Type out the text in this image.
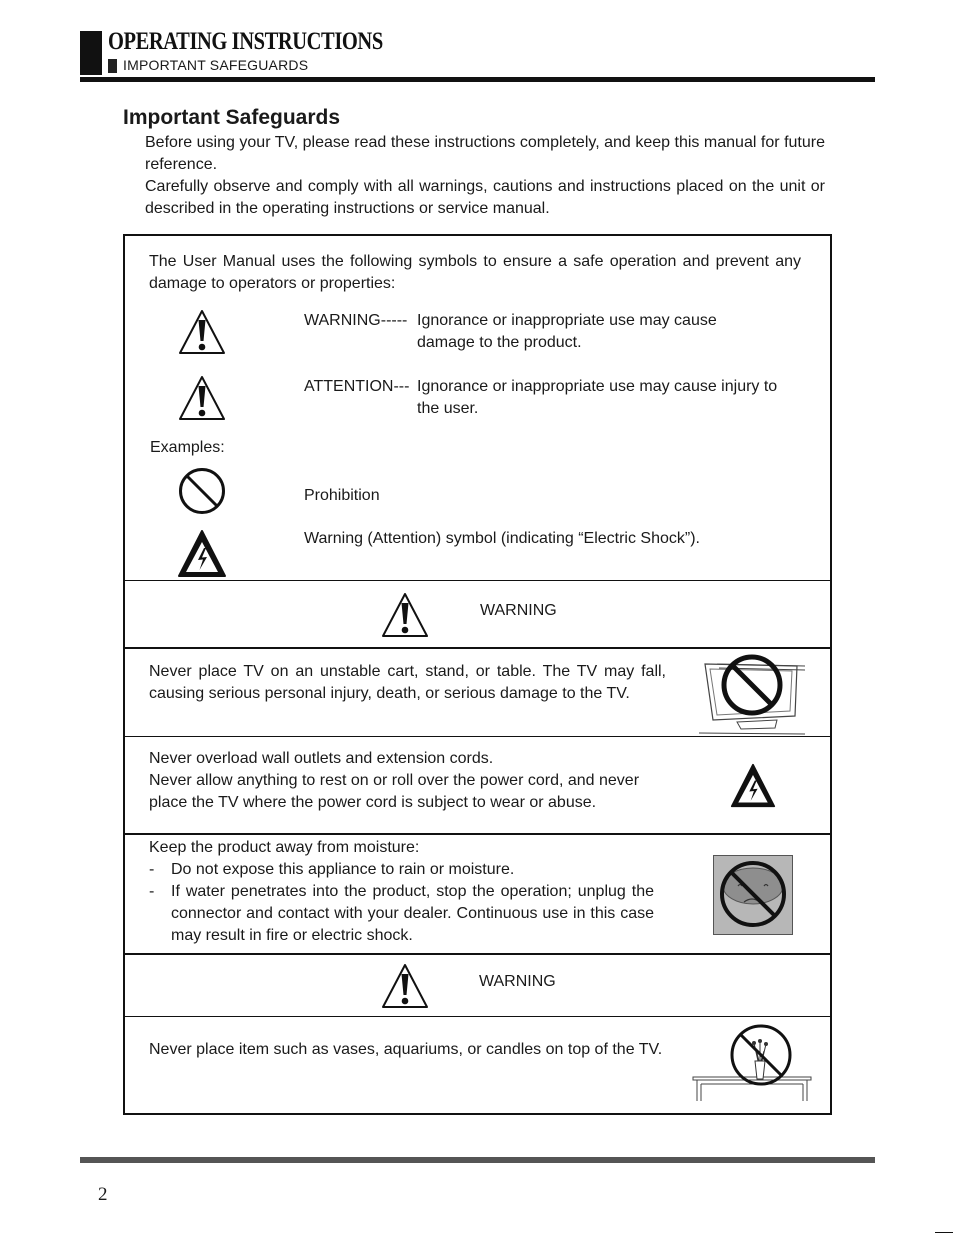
OPERATING INSTRUCTIONS
IMPORTANT SAFEGUARDS
Important Safeguards

Before using your TV, please read these instructions completely, and keep this manual for future reference.

Carefully observe and comply with all warnings, cautions and instructions placed on the unit or described in the operating instructions or service manual.

The User Manual uses the following symbols to ensure a safe operation and prevent any damage to operators or properties:

WARNING----- Ignorance or inappropriate use may cause damage to the product.
ATTENTION--- Ignorance or inappropriate use may cause injury to the user.
Examples:
Prohibition
Warning (Attention) symbol (indicating “Electric Shock”).
WARNING

Never place TV on an unstable cart, stand, or table. The TV may fall, causing serious personal injury, death, or serious damage to the TV.

Never overload wall outlets and extension cords.

Never allow anything to rest on or roll over the power cord, and never place the TV where the power cord is subject to wear or abuse.

Keep the product away from moisture:

- Do not expose this appliance to rain or moisture.
- If water penetrates into the product, stop the operation; unplug the connector and contact with your dealer. Continuous use in this case may result in fire or electric shock.
WARNING

Never place item such as vases, aquariums, or candles on top of the TV.

2
